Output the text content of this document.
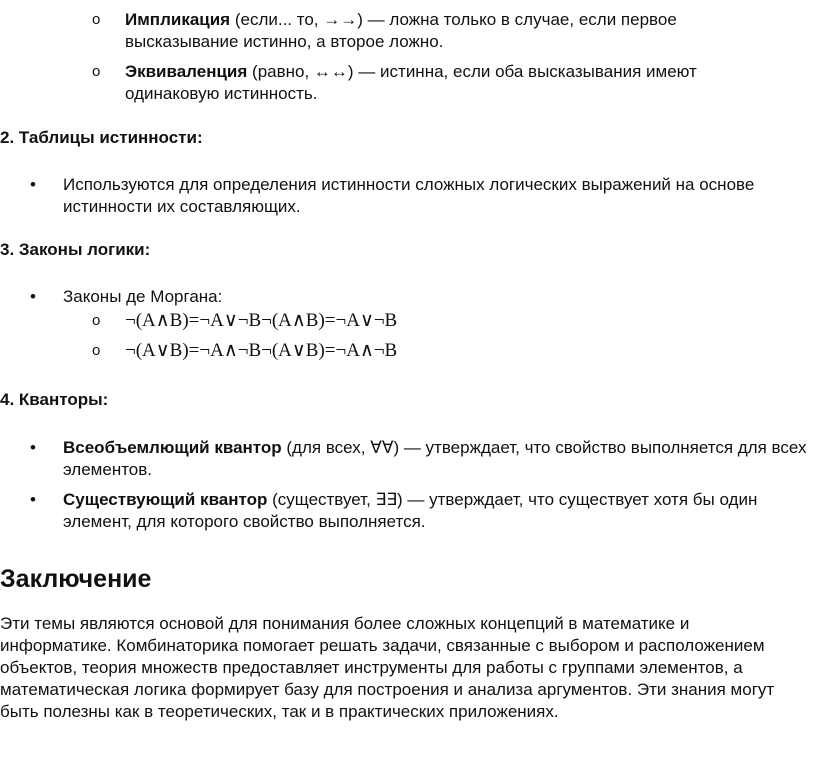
o Импликация (если... то, →→) — ложна только в случае, если первое высказывание истинно, а второе ложно.
o Эквиваленция (равно, ↔↔) — истинна, если оба высказывания имеют одинаковую истинность.
2. Таблицы истинности:
• Используются для определения истинности сложных логических выражений на основе истинности их составляющих.
3. Законы логики:
• Законы де Моргана:
o ¬(A∧B)=¬A∨¬B¬(A∧B)=¬A∨¬B
o ¬(A∨B)=¬A∧¬B¬(A∨B)=¬A∧¬B
4. Кванторы:
• Всеобъемлющий квантор (для всех, ∀∀) — утверждает, что свойство выполняется для всех элементов.
• Существующий квантор (существует, ∃∃) — утверждает, что существует хотя бы один элемент, для которого свойство выполняется.
Заключение
Эти темы являются основой для понимания более сложных концепций в математике и информатике. Комбинаторика помогает решать задачи, связанные с выбором и расположением объектов, теория множеств предоставляет инструменты для работы с группами элементов, а математическая логика формирует базу для построения и анализа аргументов. Эти знания могут быть полезны как в теоретических, так и в практических приложениях.
